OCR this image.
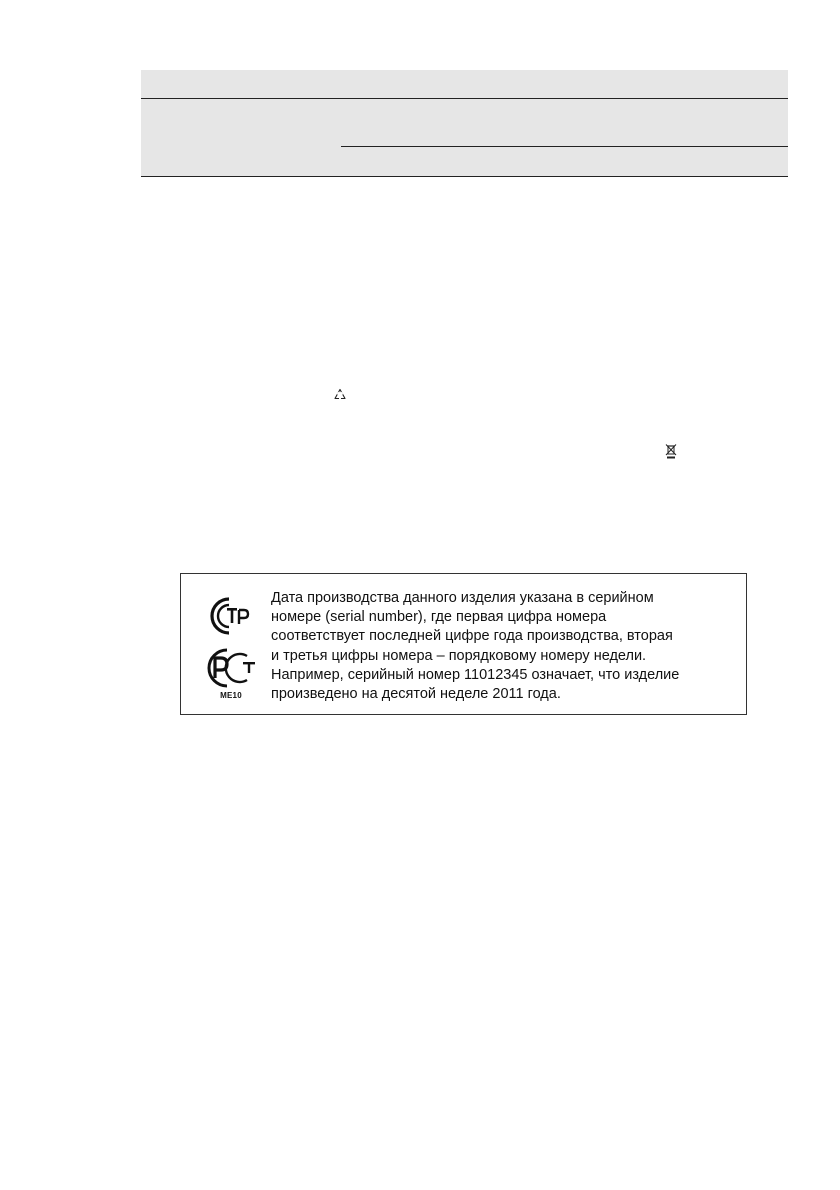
ME10
Дата производства данного изделия указана в серийном
номере (serial number), где первая цифра номера
соответствует последней цифре года производства, вторая
и третья цифры номера – порядковому номеру недели.
Например, серийный номер 11012345 означает, что изделие
произведено на десятой неделе 2011 года.
